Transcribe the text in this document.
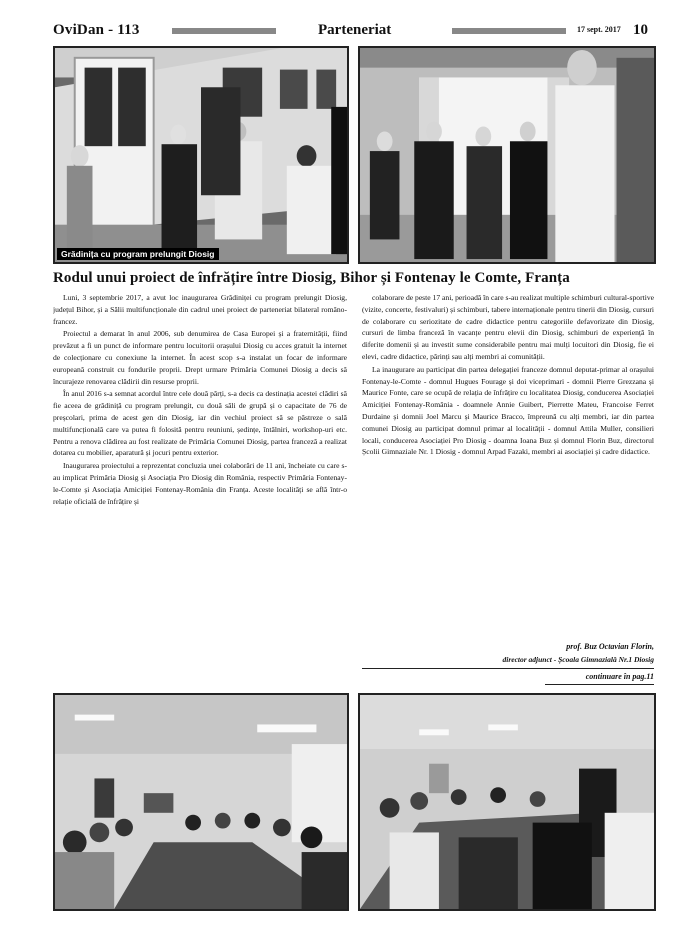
OviDan - 113	Parteneriat	17 sept. 2017 10
Grădinița cu program prelungit Diosig
Rodul unui proiect de înfrățire între Diosig, Bihor și Fontenay le Comte, Franța

Luni, 3 septembrie 2017, a avut loc inaugurarea Grădiniței cu program prelungit Diosig, județul Bihor, și a Sălii multifuncționale din cadrul unei proiect de parteneriat bilateral româno-francez.

Proiectul a demarat în anul 2006, sub denumirea de Casa Europei și a fraternității, fiind prevăzut a fi un punct de informare pentru locuitorii orașului Diosig cu acces gratuit la internet de colecționare cu conexiune la internet. În acest scop s-a instalat un focar de informare europeană construit cu fondurile proprii. Drept urmare Primăria Comunei Diosig a decis să încurajeze renovarea clădirii din resurse proprii.

În anul 2016 s-a semnat acordul între cele două părți, s-a decis ca destinația acestei clădiri să fie aceea de grădiniță cu program prelungit, cu două săli de grupă și o capacitate de 76 de preșcolari, prima de acest gen din Diosig, iar din vechiul proiect să se păstreze o sală multifuncțională care va putea fi folosită pentru reuniuni, ședințe, întâlniri, workshop-uri etc. Pentru a renova clădirea au fost realizate de Primăria Comunei Diosig, partea franceză a realizat dotarea cu mobilier, aparatură și jocuri pentru exterior.

Inaugurarea proiectului a reprezentat concluzia unei colaborări de 11 ani, încheiate cu care s-au implicat Primăria Diosig și Asociația Pro Diosig din România, respectiv Primăria Fontenay-le-Comte și Asociația Amiciției Fontenay-România din Franța. Aceste localități se află într-o relație oficială de înfrățire și

colaborare de peste 17 ani, perioadă în care s-au realizat multiple schimburi cultural-sportive (vizite, concerte, festivaluri) și schimburi, tabere internaționale pentru tinerii din Diosig, cursuri de colaborare cu seriozitate de cadre didactice pentru categoriile defavorizate din Diosig, cursuri de limba franceză în vacanțe pentru elevii din Diosig, schimburi de experiență în diferite domenii și au investit sume considerabile pentru mai mulți locuitori din Diosig, fie ei elevi, cadre didactice, părinți sau alți membri ai comunității.

La inaugurare au participat din partea delegației franceze domnul deputat-primar al orașului Fontenay-le-Comte - domnul Hugues Fourage și doi viceprimari - domnii Pierre Grezzana și Maurice Fonte, care se ocupă de relația de înfrățire cu localitatea Diosig, conducerea Asociației Amiciției Fontenay-România - doamnele Annie Guibert, Pierrette Mateu, Francoise Ferret Durdaine și domnii Joel Marcu și Maurice Bracco, împreună cu alți membri, iar din partea comunei Diosig au participat domnul primar al localității - domnul Attila Muller, consilieri locali, conducerea Asociației Pro Diosig - doamna Ioana Buz și domnul Florin Buz, directorul Școlii Gimnaziale Nr. 1 Diosig - domnul Arpad Fazaki, membri ai asociației și cadre didactice.

prof. Buz Octavian Florin,
director adjunct - Școala Gimnazială Nr.1 Diosig
continuare în pag.11
